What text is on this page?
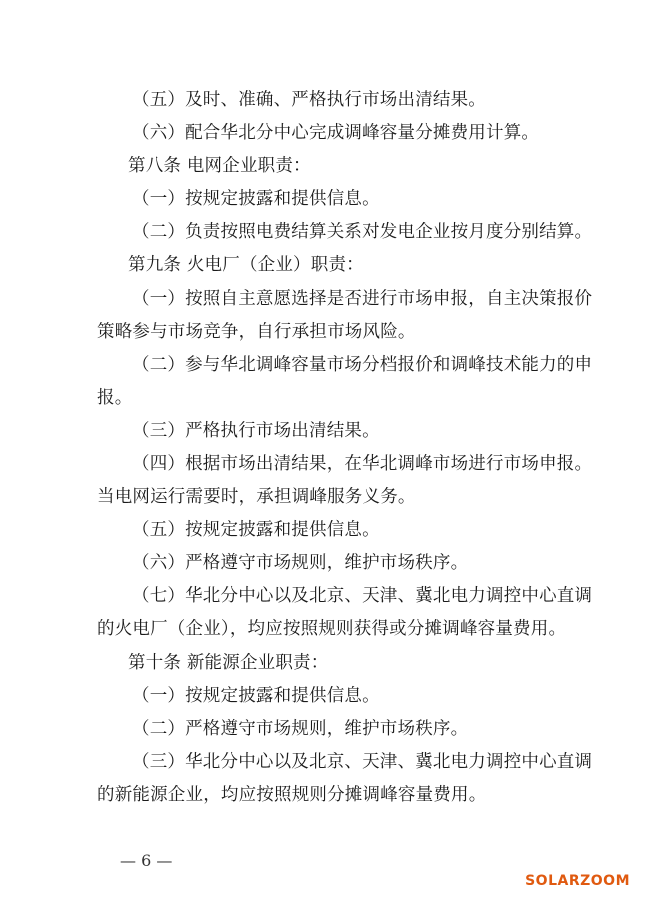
（五）及时、准确、严格执行市场出清结果。
（六）配合华北分中心完成调峰容量分摊费用计算。
第八条 电网企业职责：
（一）按规定披露和提供信息。
（二）负责按照电费结算关系对发电企业按月度分别结算。
第九条 火电厂（企业）职责：
（一）按照自主意愿选择是否进行市场申报，自主决策报价
策略参与市场竞争，自行承担市场风险。
（二）参与华北调峰容量市场分档报价和调峰技术能力的申
报。
（三）严格执行市场出清结果。
（四）根据市场出清结果，在华北调峰市场进行市场申报。
当电网运行需要时，承担调峰服务义务。
（五）按规定披露和提供信息。
（六）严格遵守市场规则，维护市场秩序。
（七）华北分中心以及北京、天津、冀北电力调控中心直调
的火电厂（企业），均应按照规则获得或分摊调峰容量费用。
第十条 新能源企业职责：
（一）按规定披露和提供信息。
（二）严格遵守市场规则，维护市场秩序。
（三）华北分中心以及北京、天津、冀北电力调控中心直调
的新能源企业，均应按照规则分摊调峰容量费用。
— 6 —
SOLARZOOM
